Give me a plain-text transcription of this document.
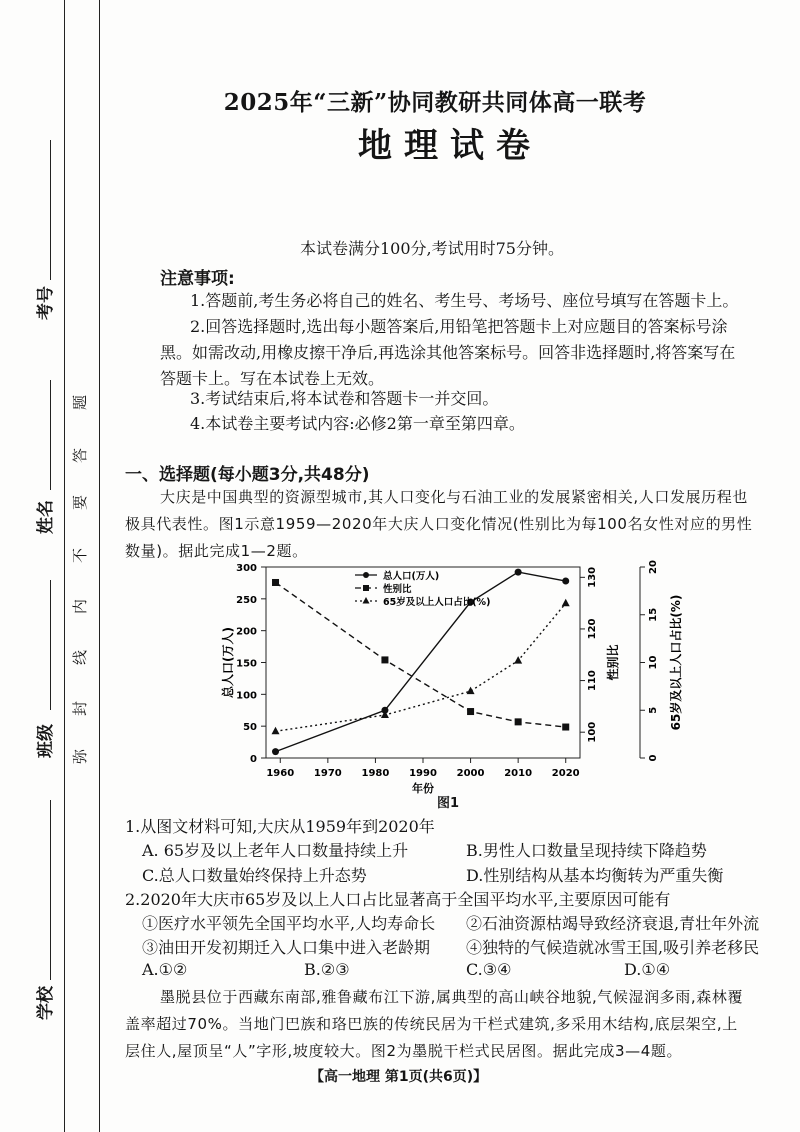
考号
姓名
班级
学校
题
答
要
不
内
线
封
弥
2025年“三新”协同教研共同体高一联考
地理试卷
本试卷满分100分,考试用时75分钟。
注意事项:
1.答题前,考生务必将自己的姓名、考生号、考场号、座位号填写在答题卡上。
2.回答选择题时,选出每小题答案后,用铅笔把答题卡上对应题目的答案标号涂
黑。如需改动,用橡皮擦干净后,再选涂其他答案标号。回答非选择题时,将答案写在
答题卡上。写在本试卷上无效。
3.考试结束后,将本试卷和答题卡一并交回。
4.本试卷主要考试内容:必修2第一章至第四章。
一、选择题(每小题3分,共48分)
大庆是中国典型的资源型城市,其人口变化与石油工业的发展紧密相关,人口发展历程也
极具代表性。图1示意1959—2020年大庆人口变化情况(性别比为每100名女性对应的男性
数量)。据此完成1—2题。
1960 1970 1980 1990 2000 2010 2020
年份
0
50
100
150
200
250
300
总人口(万人)
100
110
120
130
性别比
0
5
10
15
20
65岁及以上人口占比(%)
总人口(万人)
性别比
65岁及以上人口占比(%)
图1
1.从图文材料可知,大庆从1959年到2020年
A. 65岁及以上老年人口数量持续上升	B.男性人口数量呈现持续下降趋势
C.总人口数量始终保持上升态势	D.性别结构从基本均衡转为严重失衡
2.2020年大庆市65岁及以上人口占比显著高于全国平均水平,主要原因可能有
①医疗水平领先全国平均水平,人均寿命长 ②石油资源枯竭导致经济衰退,青壮年外流
③油田开发初期迁入人口集中进入老龄期 ④独特的气候造就冰雪王国,吸引养老移民
A.①②	B.②③	C.③④	D.①④
墨脱县位于西藏东南部,雅鲁藏布江下游,属典型的高山峡谷地貌,气候湿润多雨,森林覆
盖率超过70%。当地门巴族和珞巴族的传统民居为干栏式建筑,多采用木结构,底层架空,上
层住人,屋顶呈“人”字形,坡度较大。图2为墨脱干栏式民居图。据此完成3—4题。
【高一地理 第1页(共6页)】
